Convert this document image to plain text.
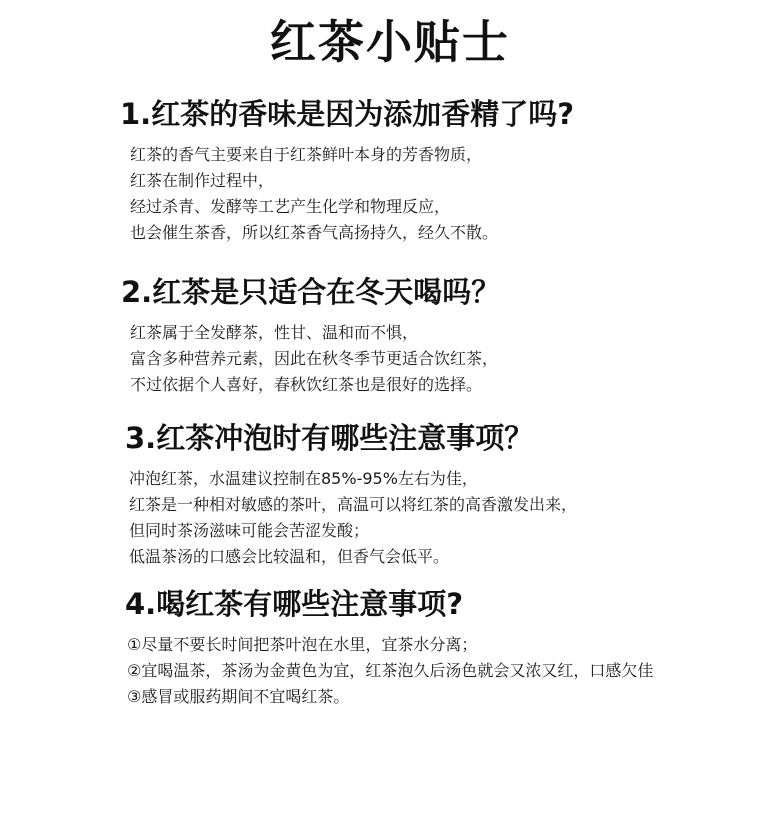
红茶小贴士
1.红茶的香味是因为添加香精了吗?
红茶的香气主要来自于红茶鲜叶本身的芳香物质，
红茶在制作过程中，
经过杀青、发酵等工艺产生化学和物理反应，
也会催生茶香，所以红茶香气高扬持久，经久不散。
2.红茶是只适合在冬天喝吗？
红茶属于全发酵茶，性甘、温和而不惧，
富含多种营养元素，因此在秋冬季节更适合饮红茶，
不过依据个人喜好，春秋饮红茶也是很好的选择。
3.红茶冲泡时有哪些注意事项？
冲泡红茶，水温建议控制在85%-95%左右为佳，
红茶是一种相对敏感的茶叶，高温可以将红茶的高香激发出来，
但同时茶汤滋味可能会苦涩发酸；
低温茶汤的口感会比较温和，但香气会低平。
4.喝红茶有哪些注意事项?
①尽量不要长时间把茶叶泡在水里，宜茶水分离；
②宜喝温茶，茶汤为金黄色为宜，红茶泡久后汤色就会又浓又红，口感欠佳
③感冒或服药期间不宜喝红茶。
